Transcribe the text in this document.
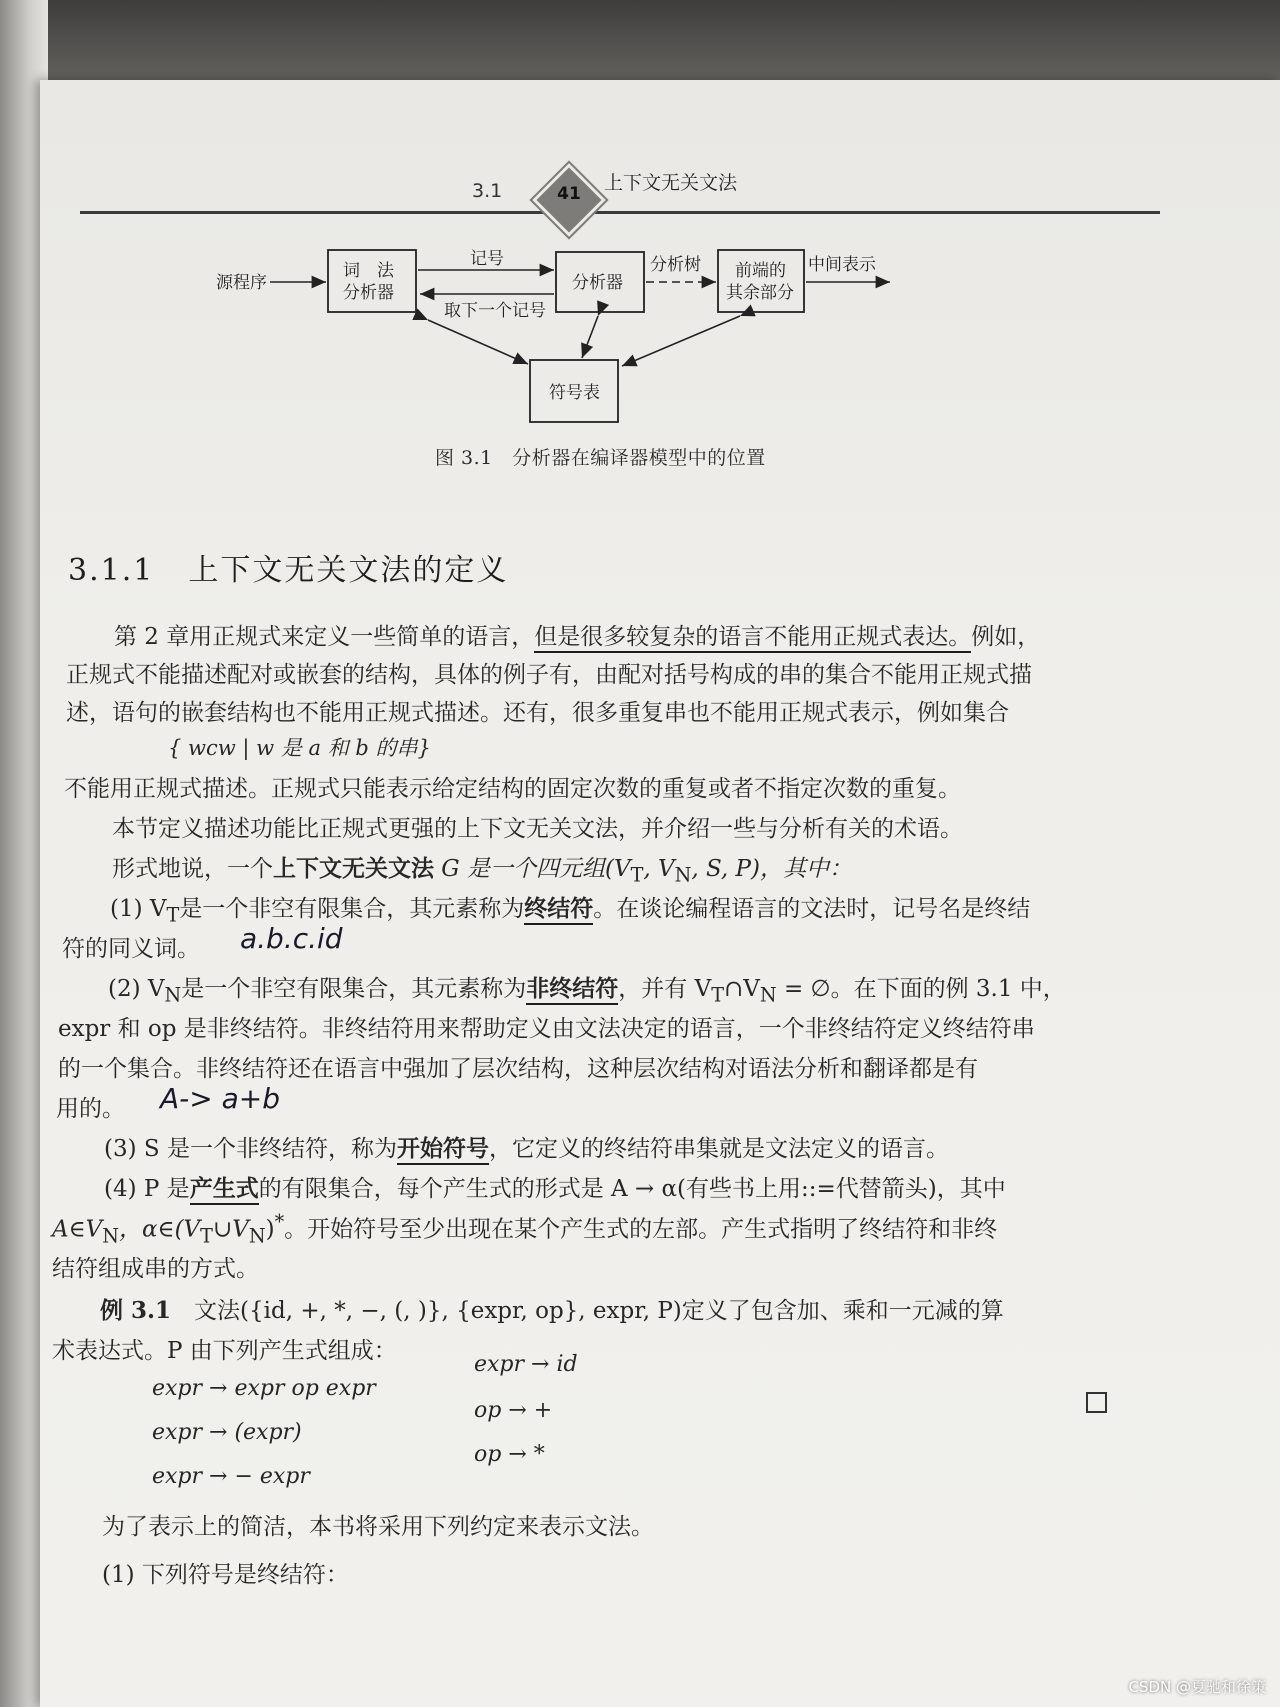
3.1	41	上下文无关文法
源程序
词　法
分析器
记号
取下一个记号
分析器
分析树 前端的
其余部分
中间表示
符号表
图 3.1　分析器在编译器模型中的位置
3.1.1 上下文无关文法的定义
第 2 章用正规式来定义一些简单的语言，但是很多较复杂的语言不能用正规式表达。例如，
正规式不能描述配对或嵌套的结构，具体的例子有，由配对括号构成的串的集合不能用正规式描
述，语句的嵌套结构也不能用正规式描述。还有，很多重复串也不能用正规式表示，例如集合
{ wcw | w 是 a 和 b 的串}
不能用正规式描述。正规式只能表示给定结构的固定次数的重复或者不指定次数的重复。
本节定义描述功能比正规式更强的上下文无关文法，并介绍一些与分析有关的术语。
形式地说，一个上下文无关文法 G 是一个四元组($V_T$, $V_N$, S, P)，其中：
(1) $V_T$是一个非空有限集合，其元素称为终结符。在谈论编程语言的文法时，记号名是终结
符的同义词。 a.b.c.id
(2) $V_N$是一个非空有限集合，其元素称为非终结符，并有 $V_T\cap V_N$ = ∅。在下面的例 3.1 中，
expr 和 op 是非终结符。非终结符用来帮助定义由文法决定的语言，一个非终结符定义终结符串
的一个集合。非终结符还在语言中强加了层次结构，这种层次结构对语法分析和翻译都是有
用的。 A-> a+b
(3) S 是一个非终结符，称为开始符号，它定义的终结符串集就是文法定义的语言。
(4) P 是产生式的有限集合，每个产生式的形式是 A → α(有些书上用::=代替箭头)，其中
$A\in V_N$，$\alpha\in(V_T\cup V_N)^*$。开始符号至少出现在某个产生式的左部。产生式指明了终结符和非终
结符组成串的方式。
例 3.1　文法({id, +, *, −, (, )}, {expr, op}, expr, P)定义了包含加、乘和一元减的算
术表达式。P 由下列产生式组成：
expr → expr op expr
expr → (expr)
expr → − expr
expr → id
op → +
op → *
为了表示上的简洁，本书将采用下列约定来表示文法。
(1) 下列符号是终结符：
CSDN @夏驰和徐策
